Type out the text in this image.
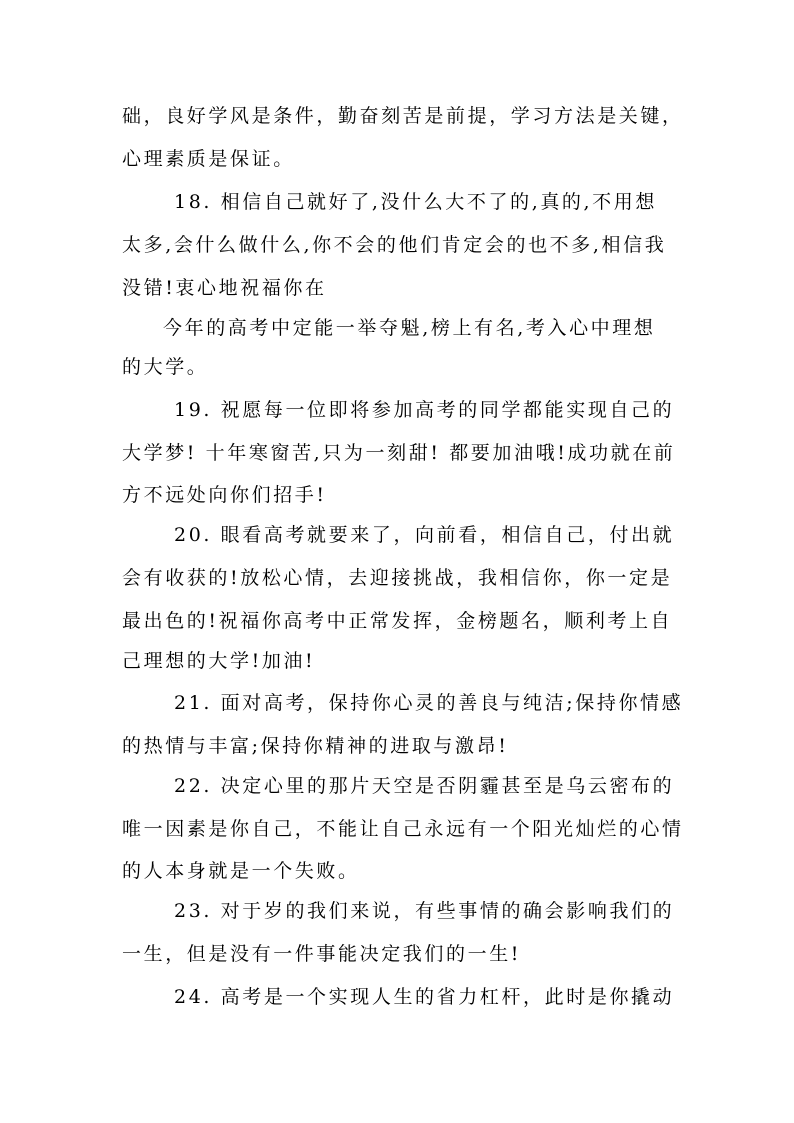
础，良好学风是条件，勤奋刻苦是前提，学习方法是关键，
心理素质是保证。
18. 相信自己就好了,没什么大不了的,真的,不用想
太多,会什么做什么,你不会的他们肯定会的也不多,相信我
没错!衷心地祝福你在
今年的高考中定能一举夺魁,榜上有名,考入心中理想
的大学。
19. 祝愿每一位即将参加高考的同学都能实现自己的
大学梦! 十年寒窗苦,只为一刻甜! 都要加油哦!成功就在前
方不远处向你们招手!
20. 眼看高考就要来了，向前看，相信自己，付出就
会有收获的!放松心情，去迎接挑战，我相信你，你一定是
最出色的!祝福你高考中正常发挥，金榜题名，顺利考上自
己理想的大学!加油!
21. 面对高考，保持你心灵的善良与纯洁;保持你情感
的热情与丰富;保持你精神的进取与激昂!
22. 决定心里的那片天空是否阴霾甚至是乌云密布的
唯一因素是你自己，不能让自己永远有一个阳光灿烂的心情
的人本身就是一个失败。
23. 对于岁的我们来说，有些事情的确会影响我们的
一生，但是没有一件事能决定我们的一生!
24. 高考是一个实现人生的省力杠杆，此时是你撬动
